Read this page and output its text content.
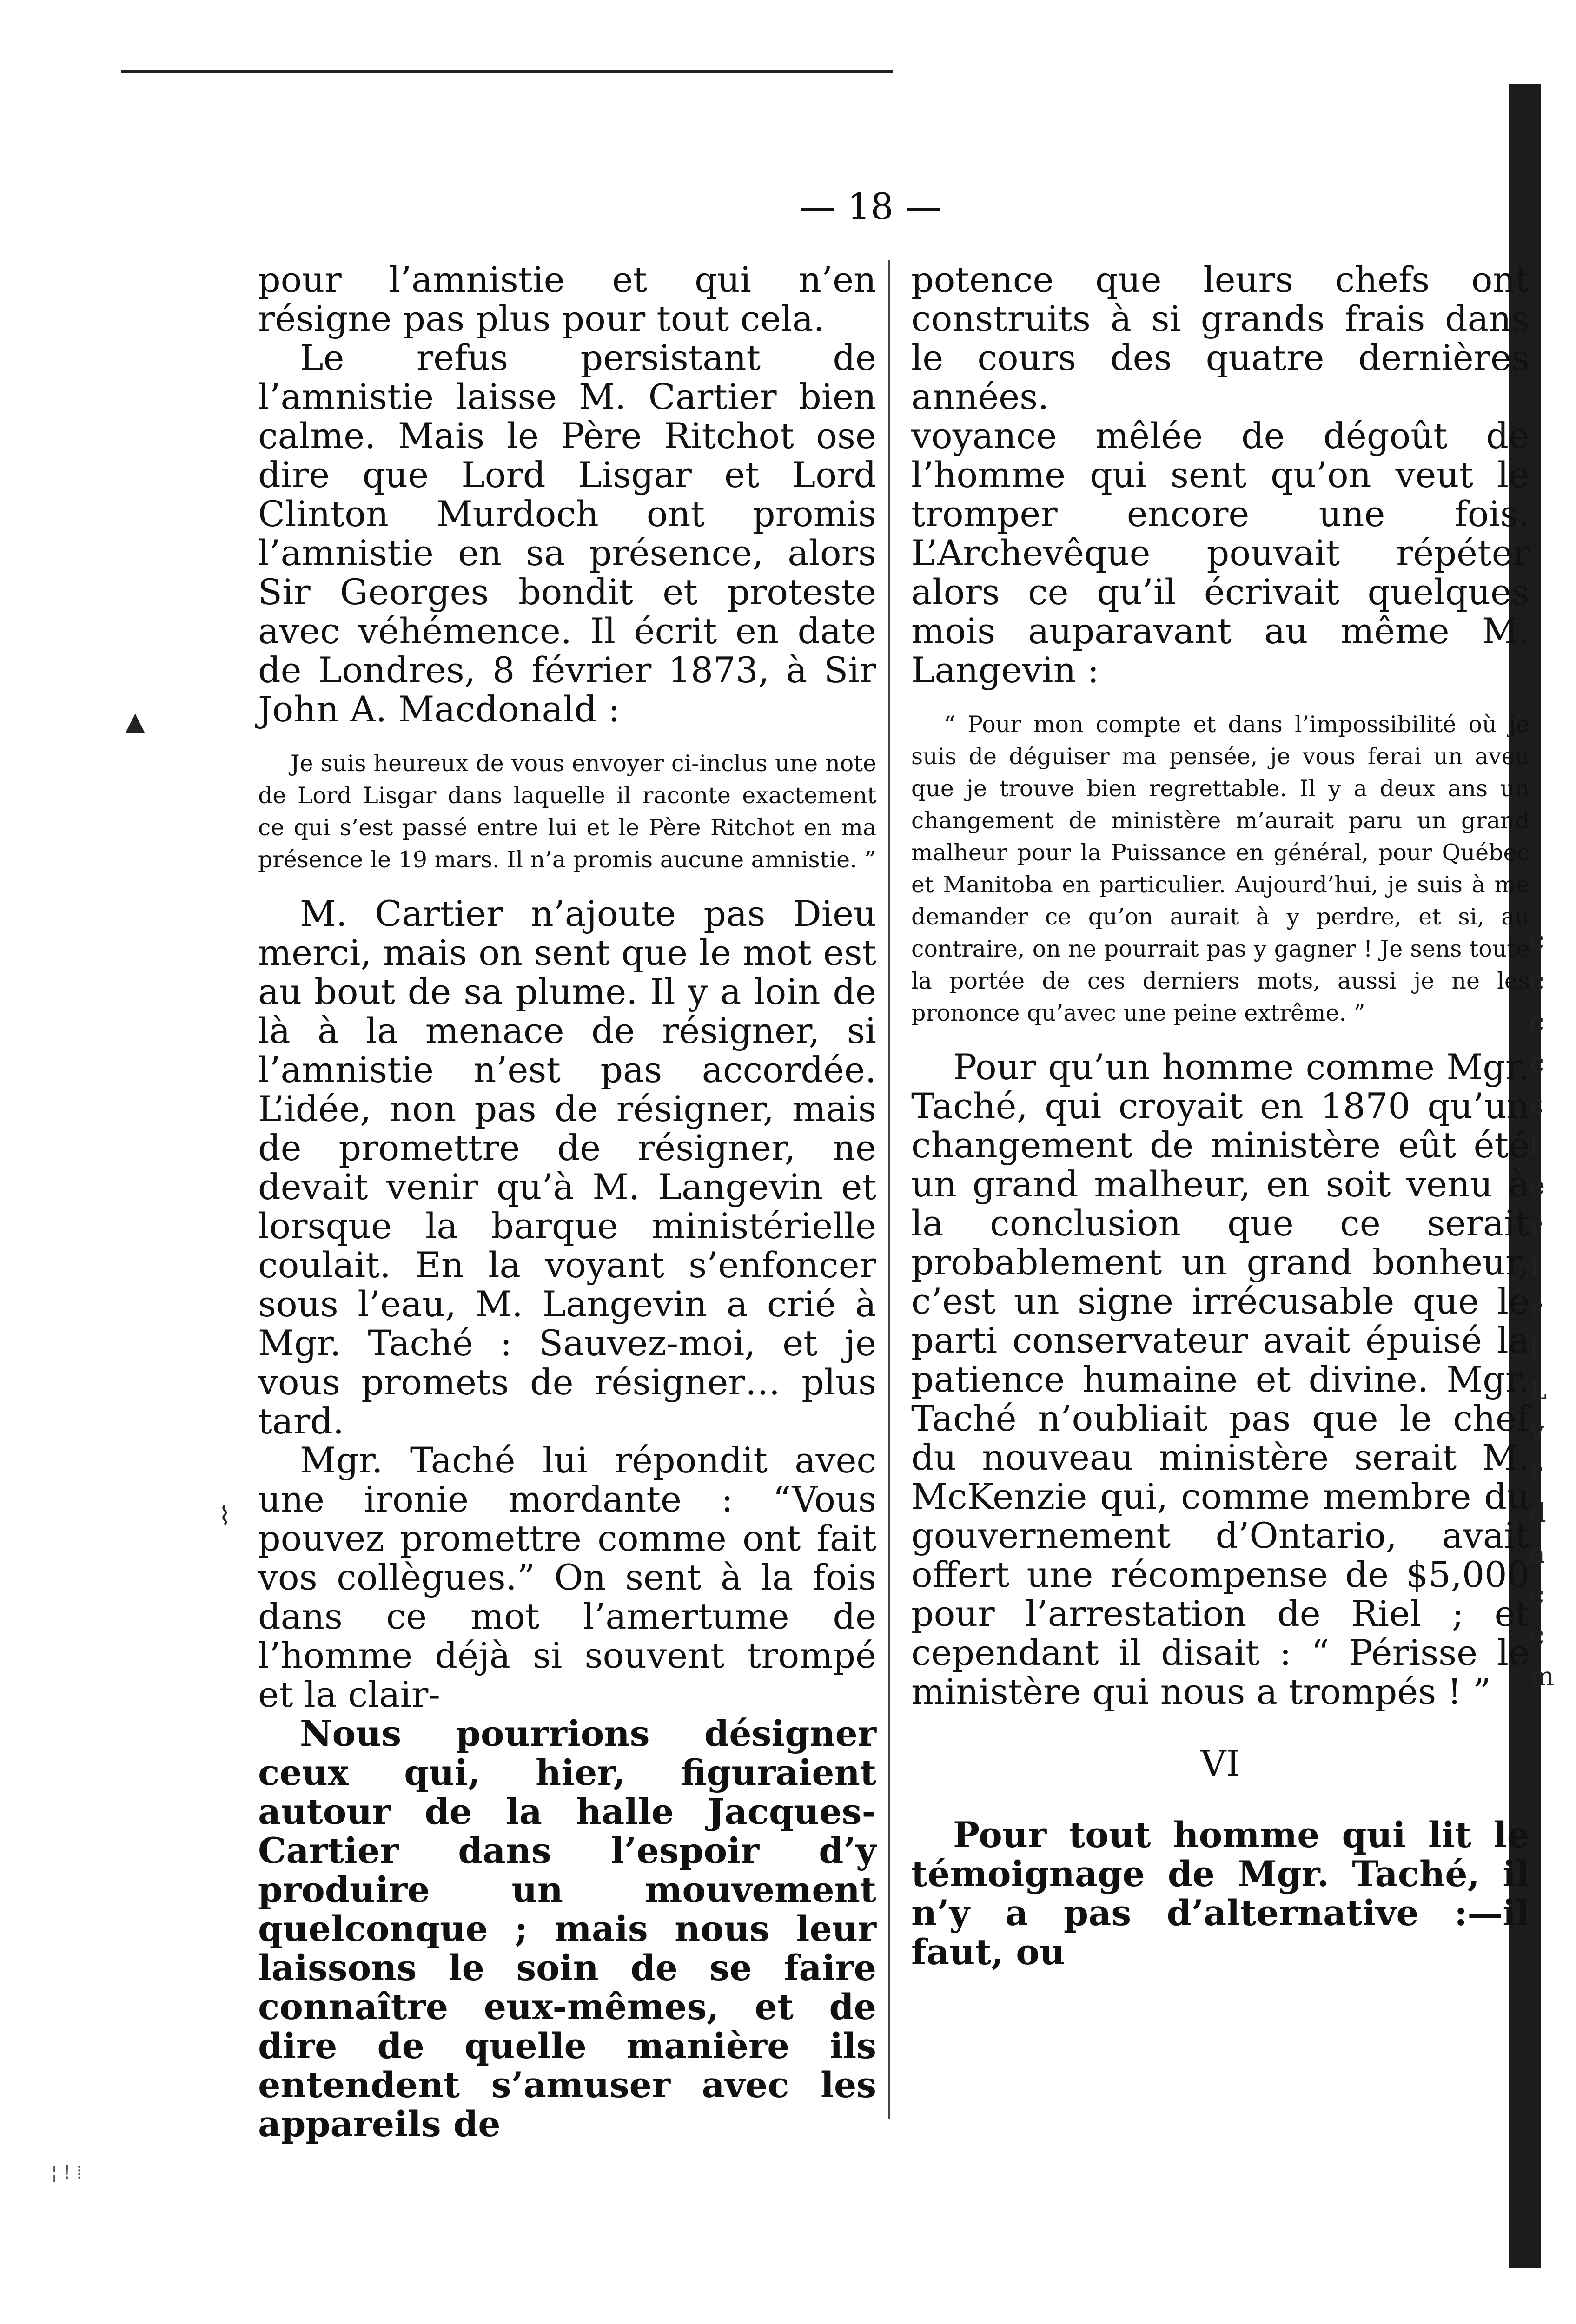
c
c
c
c
ε
l
e
r
I
r
l
L
v
r
d
a
c
c
m
— 18 —

pour l’amnistie et qui n’en résigne pas plus pour tout cela.

Le refus persistant de l’amnistie laisse M. Cartier bien calme. Mais le Père Ritchot ose dire que Lord Lisgar et Lord Clinton Murdoch ont promis l’amnistie en sa présence, alors Sir Georges bondit et proteste avec véhémence. Il écrit en date de Londres, 8 février 1873, à Sir John A. Macdonald :

Je suis heureux de vous envoyer ci-inclus une note de Lord Lisgar dans laquelle il raconte exactement ce qui s’est passé entre lui et le Père Ritchot en ma présence le 19 mars. Il n’a promis aucune amnistie. ”

M. Cartier n’ajoute pas Dieu merci, mais on sent que le mot est au bout de sa plume. Il y a loin de là à la menace de résigner, si l’amnistie n’est pas accordée. L’idée, non pas de résigner, mais de promettre de résigner, ne devait venir qu’à M. Langevin et lorsque la barque ministérielle coulait. En la voyant s’enfoncer sous l’eau, M. Langevin a crié à Mgr. Taché : Sauvez-moi, et je vous promets de résigner… plus tard.

Mgr. Taché lui répondit avec une ironie mordante : “Vous pouvez promettre comme ont fait vos collègues.” On sent à la fois dans ce mot l’amertume de l’homme déjà si souvent trompé et la clair-

Nous pourrions désigner ceux qui, hier, figuraient autour de la halle Jacques-Cartier dans l’espoir d’y produire un mouvement quelconque ; mais nous leur laissons le soin de se faire connaître eux-mêmes, et de dire de quelle manière ils entendent s’amuser avec les appareils de

potence que leurs chefs ont construits à si grands frais dans le cours des quatre dernières années.

voyance mêlée de dégoût de l’homme qui sent qu’on veut le tromper encore une fois. L’Archevêque pouvait répéter alors ce qu’il écrivait quelques mois auparavant au même M. Langevin :

“ Pour mon compte et dans l’impossibilité où je suis de déguiser ma pensée, je vous ferai un aveu que je trouve bien regrettable. Il y a deux ans un changement de ministère m’aurait paru un grand malheur pour la Puissance en général, pour Québec et Manitoba en particulier. Aujourd’hui, je suis à me demander ce qu’on aurait à y perdre, et si, au contraire, on ne pourrait pas y gagner ! Je sens toute la portée de ces derniers mots, aussi je ne les prononce qu’avec une peine extrême. ”

Pour qu’un homme comme Mgr. Taché, qui croyait en 1870 qu’un changement de ministère eût été un grand malheur, en soit venu à la conclusion que ce serait probablement un grand bonheur, c’est un signe irrécusable que le parti conservateur avait épuisé la patience humaine et divine. Mgr. Taché n’oubliait pas que le chef du nouveau ministère serait M. McKenzie qui, comme membre du gouvernement d’Ontario, avait offert une récompense de $5,000 pour l’arrestation de Riel ; et cependant il disait : “ Périsse le ministère qui nous a trompés ! ”

VI

Pour tout homme qui lit le témoignage de Mgr. Taché, il n’y a pas d’alternative :—il faut, ou

▲
⌇
¦ ! ⁞
